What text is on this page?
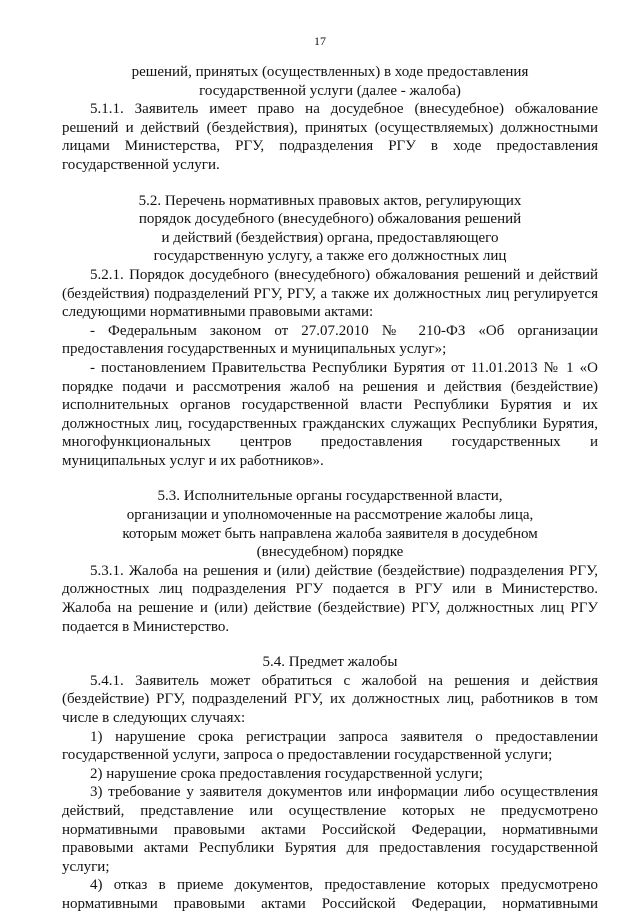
17

решений, принятых (осуществленных) в ходе предоставления

государственной услуги (далее - жалоба)

5.1.1. Заявитель имеет право на досудебное (внесудебное) обжалование решений и действий (бездействия), принятых (осуществляемых) должностными лицами Министерства, РГУ, подразделения РГУ в ходе предоставления государственной услуги.

5.2. Перечень нормативных правовых актов, регулирующих

порядок досудебного (внесудебного) обжалования решений

и действий (бездействия) органа, предоставляющего

государственную услугу, а также его должностных лиц

5.2.1. Порядок досудебного (внесудебного) обжалования решений и действий (бездействия) подразделений РГУ, РГУ, а также их должностных лиц регулируется следующими нормативными правовыми актами:

- Федеральным законом от 27.07.2010 № 210-ФЗ «Об организации предоставления государственных и муниципальных услуг»;

- постановлением Правительства Республики Бурятия от 11.01.2013 № 1 «О порядке подачи и рассмотрения жалоб на решения и действия (бездействие) исполнительных органов государственной власти Республики Бурятия и их должностных лиц, государственных гражданских служащих Республики Бурятия, многофункциональных центров предоставления государственных и муниципальных услуг и их работников».

5.3. Исполнительные органы государственной власти,

организации и уполномоченные на рассмотрение жалобы лица,

которым может быть направлена жалоба заявителя в досудебном

(внесудебном) порядке

5.3.1. Жалоба на решения и (или) действие (бездействие) подразделения РГУ, должностных лиц подразделения РГУ подается в РГУ или в Министерство. Жалоба на решение и (или) действие (бездействие) РГУ, должностных лиц РГУ подается в Министерство.

5.4. Предмет жалобы

5.4.1. Заявитель может обратиться с жалобой на решения и действия (бездействие) РГУ, подразделений РГУ, их должностных лиц, работников в том числе в следующих случаях:

1) нарушение срока регистрации запроса заявителя о предоставлении государственной услуги, запроса о предоставлении государственной услуги;

2) нарушение срока предоставления государственной услуги;

3) требование у заявителя документов или информации либо осуществления действий, представление или осуществление которых не предусмотрено нормативными правовыми актами Российской Федерации, нормативными правовыми актами Республики Бурятия для предоставления государственной услуги;

4) отказ в приеме документов, предоставление которых предусмотрено нормативными правовыми актами Российской Федерации, нормативными
